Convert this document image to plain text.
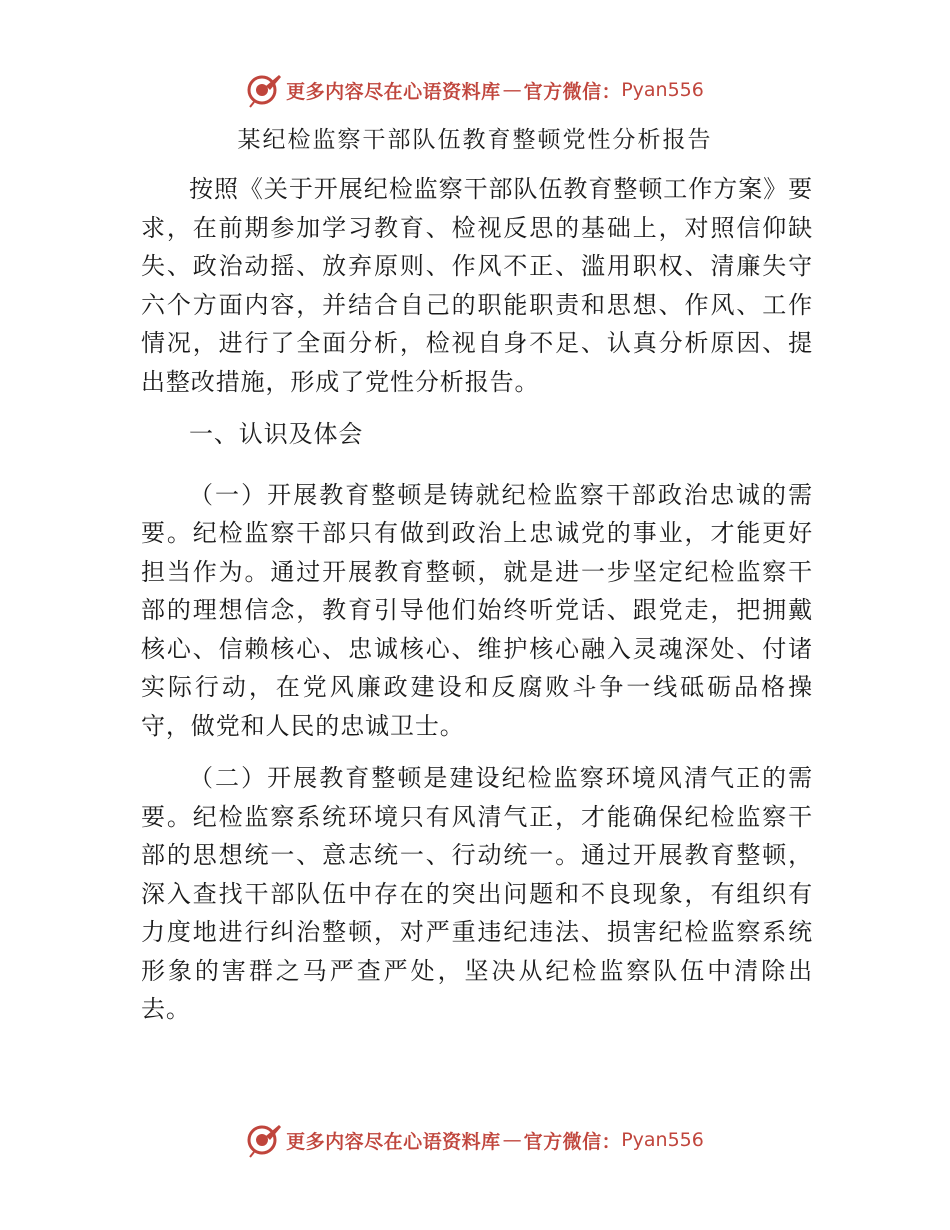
更多内容尽在心语资料库 — 官方微信： Pyan556
某纪检监察干部队伍教育整顿党性分析报告

按照《关于开展纪检监察干部队伍教育整顿工作方案》要求，在前期参加学习教育、检视反思的基础上，对照信仰缺失、政治动摇、放弃原则、作风不正、滥用职权、清廉失守六个方面内容，并结合自己的职能职责和思想、作风、工作情况，进行了全面分析，检视自身不足、认真分析原因、提出整改措施，形成了党性分析报告。

一、认识及体会

（一）开展教育整顿是铸就纪检监察干部政治忠诚的需要。纪检监察干部只有做到政治上忠诚党的事业，才能更好担当作为。通过开展教育整顿，就是进一步坚定纪检监察干部的理想信念，教育引导他们始终听党话、跟党走，把拥戴核心、信赖核心、忠诚核心、维护核心融入灵魂深处、付诸实际行动，在党风廉政建设和反腐败斗争一线砥砺品格操守，做党和人民的忠诚卫士。

（二）开展教育整顿是建设纪检监察环境风清气正的需要。纪检监察系统环境只有风清气正，才能确保纪检监察干部的思想统一、意志统一、行动统一。通过开展教育整顿，深入查找干部队伍中存在的突出问题和不良现象，有组织有力度地进行纠治整顿，对严重违纪违法、损害纪检监察系统形象的害群之马严查严处，坚决从纪检监察队伍中清除出去。

更多内容尽在心语资料库 — 官方微信： Pyan556
